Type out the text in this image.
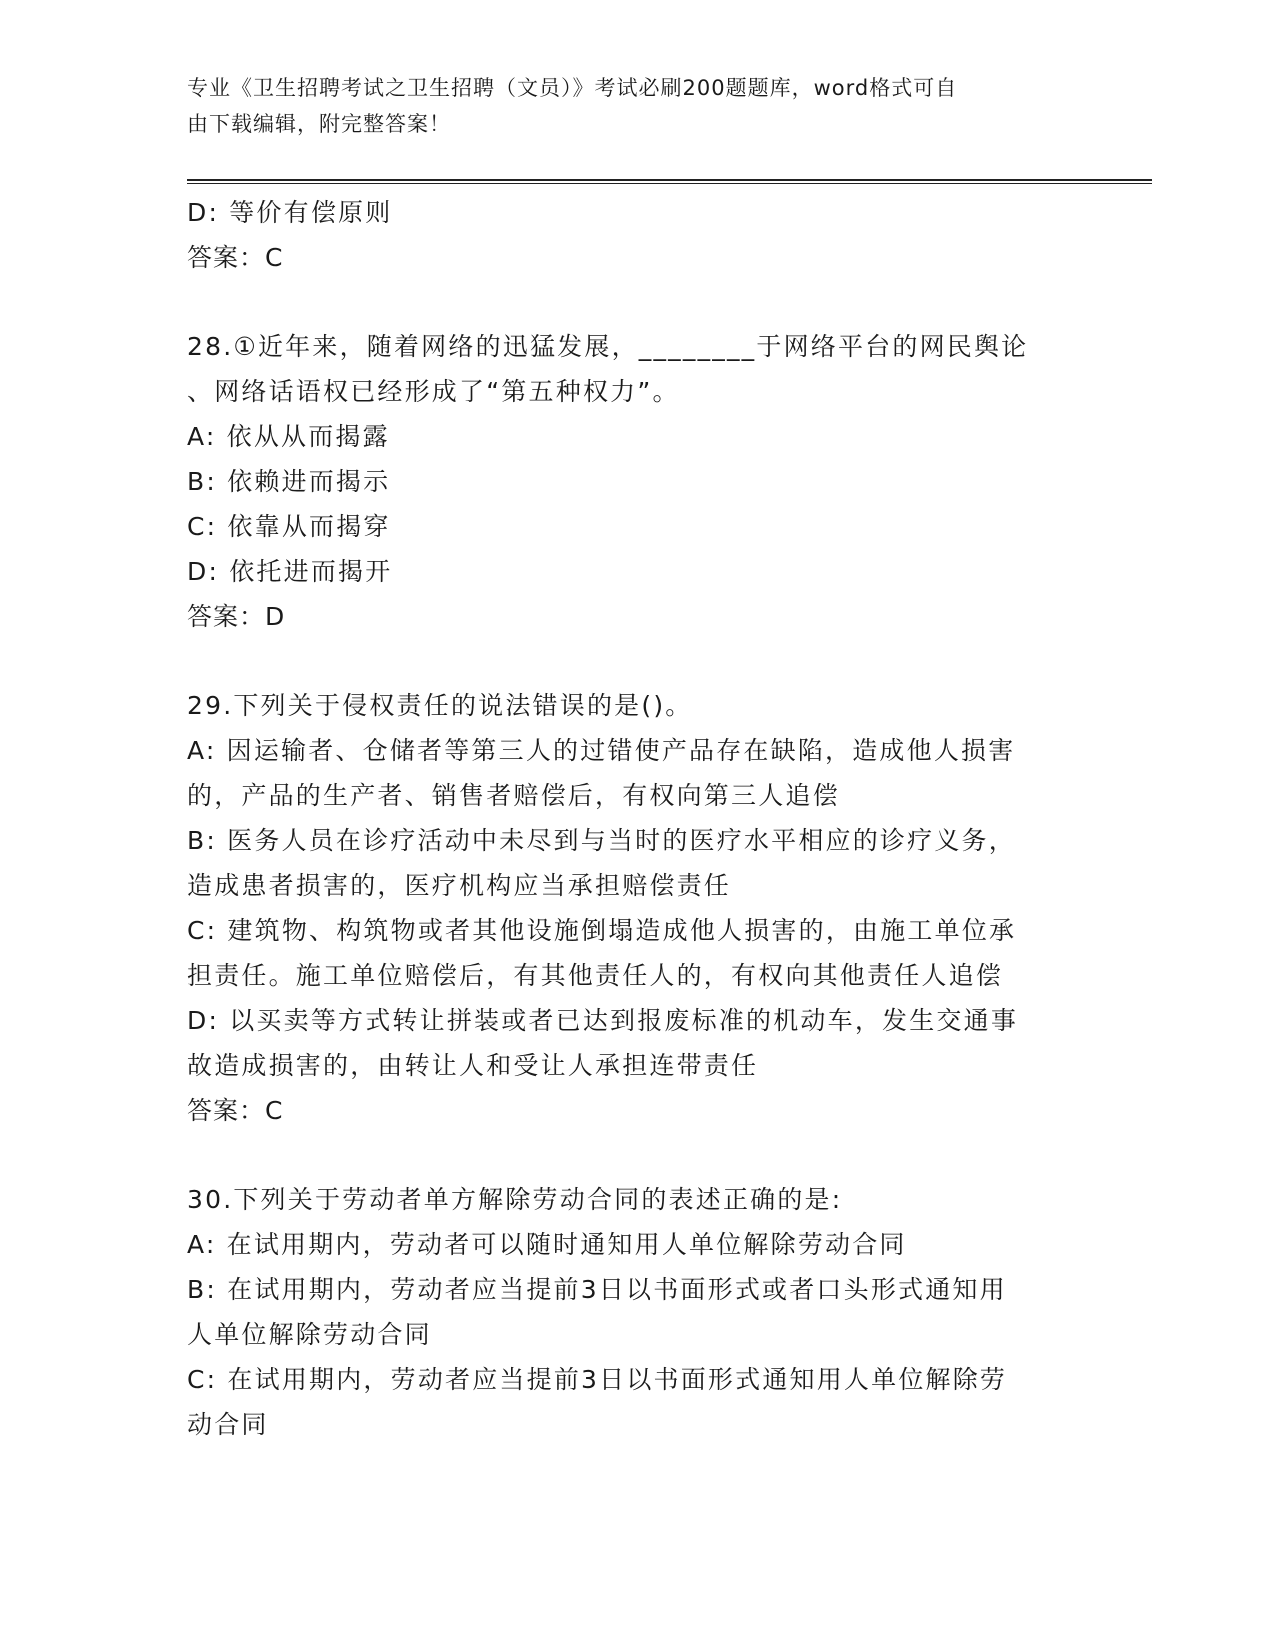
专业《卫生招聘考试之卫生招聘（文员）》考试必刷200题题库，word格式可自
由下载编辑，附完整答案！
D: 等价有偿原则
答案：C
28.①近年来，随着网络的迅猛发展，________于网络平台的网民舆论
、网络话语权已经形成了“第五种权力”。
A: 依从从而揭露
B: 依赖进而揭示
C: 依靠从而揭穿
D: 依托进而揭开
答案：D
29.下列关于侵权责任的说法错误的是()。
A: 因运输者、仓储者等第三人的过错使产品存在缺陷，造成他人损害
的，产品的生产者、销售者赔偿后，有权向第三人追偿
B: 医务人员在诊疗活动中未尽到与当时的医疗水平相应的诊疗义务，
造成患者损害的，医疗机构应当承担赔偿责任
C: 建筑物、构筑物或者其他设施倒塌造成他人损害的，由施工单位承
担责任。施工单位赔偿后，有其他责任人的，有权向其他责任人追偿
D: 以买卖等方式转让拼装或者已达到报废标准的机动车，发生交通事
故造成损害的，由转让人和受让人承担连带责任
答案：C
30.下列关于劳动者单方解除劳动合同的表述正确的是:
A: 在试用期内，劳动者可以随时通知用人单位解除劳动合同
B: 在试用期内，劳动者应当提前3日以书面形式或者口头形式通知用
人单位解除劳动合同
C: 在试用期内，劳动者应当提前3日以书面形式通知用人单位解除劳
动合同
